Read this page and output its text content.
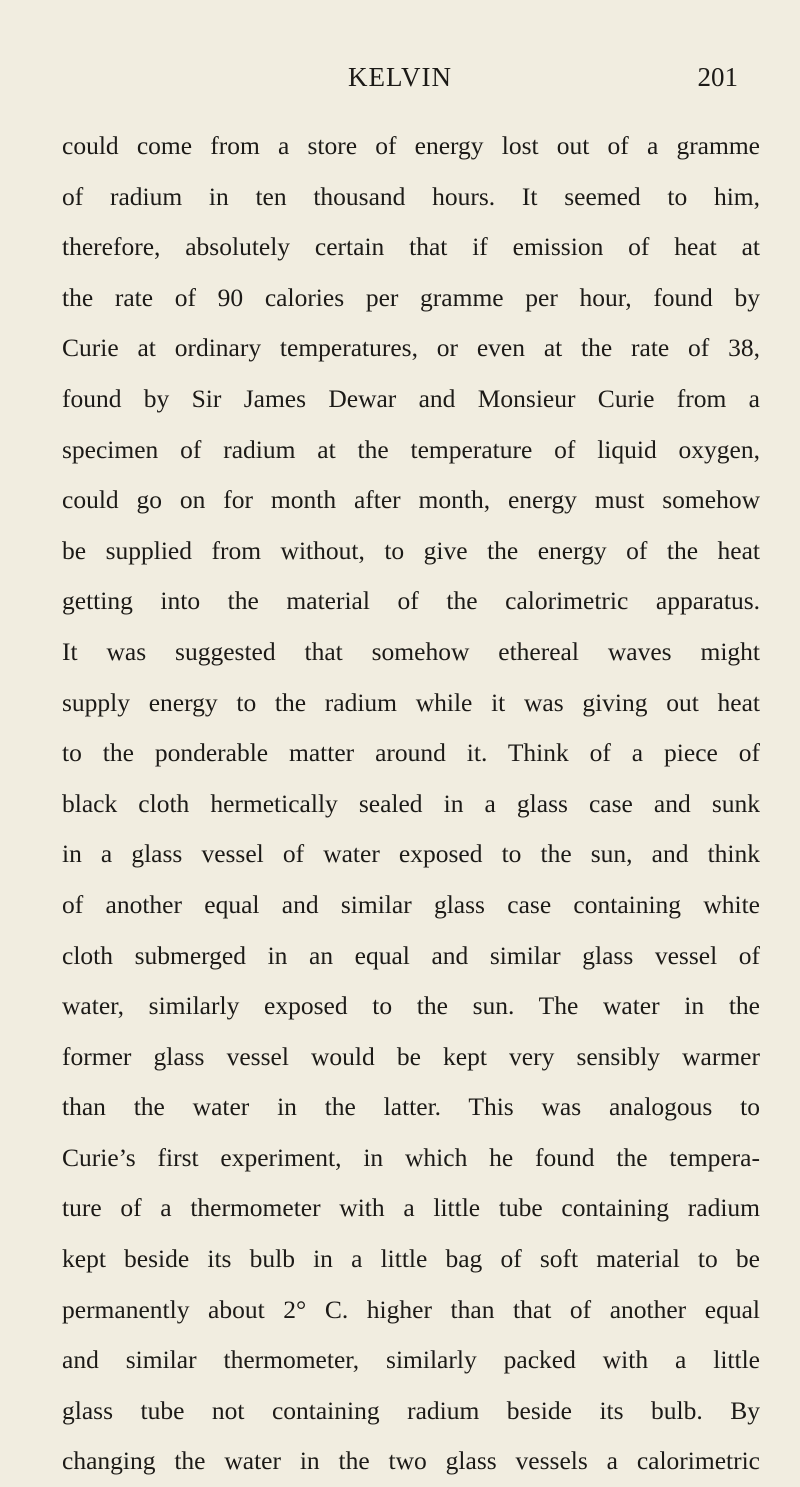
KELVIN	201
could come from a store of energy lost out of a gramme
of radium in ten thousand hours. It seemed to him,
therefore, absolutely certain that if emission of heat at
the rate of 90 calories per gramme per hour, found by
Curie at ordinary temperatures, or even at the rate of 38,
found by Sir James Dewar and Monsieur Curie from a
specimen of radium at the temperature of liquid oxygen,
could go on for month after month, energy must somehow
be supplied from without, to give the energy of the heat
getting into the material of the calorimetric apparatus.
It was suggested that somehow ethereal waves might
supply energy to the radium while it was giving out heat
to the ponderable matter around it. Think of a piece of
black cloth hermetically sealed in a glass case and sunk
in a glass vessel of water exposed to the sun, and think
of another equal and similar glass case containing white
cloth submerged in an equal and similar glass vessel of
water, similarly exposed to the sun. The water in the
former glass vessel would be kept very sensibly warmer
than the water in the latter. This was analogous to
Curie’s first experiment, in which he found the tempera-
ture of a thermometer with a little tube containing radium
kept beside its bulb in a little bag of soft material to be
permanently about 2° C. higher than that of another equal
and similar thermometer, similarly packed with a little
glass tube not containing radium beside its bulb. By
changing the water in the two glass vessels a calorimetric
